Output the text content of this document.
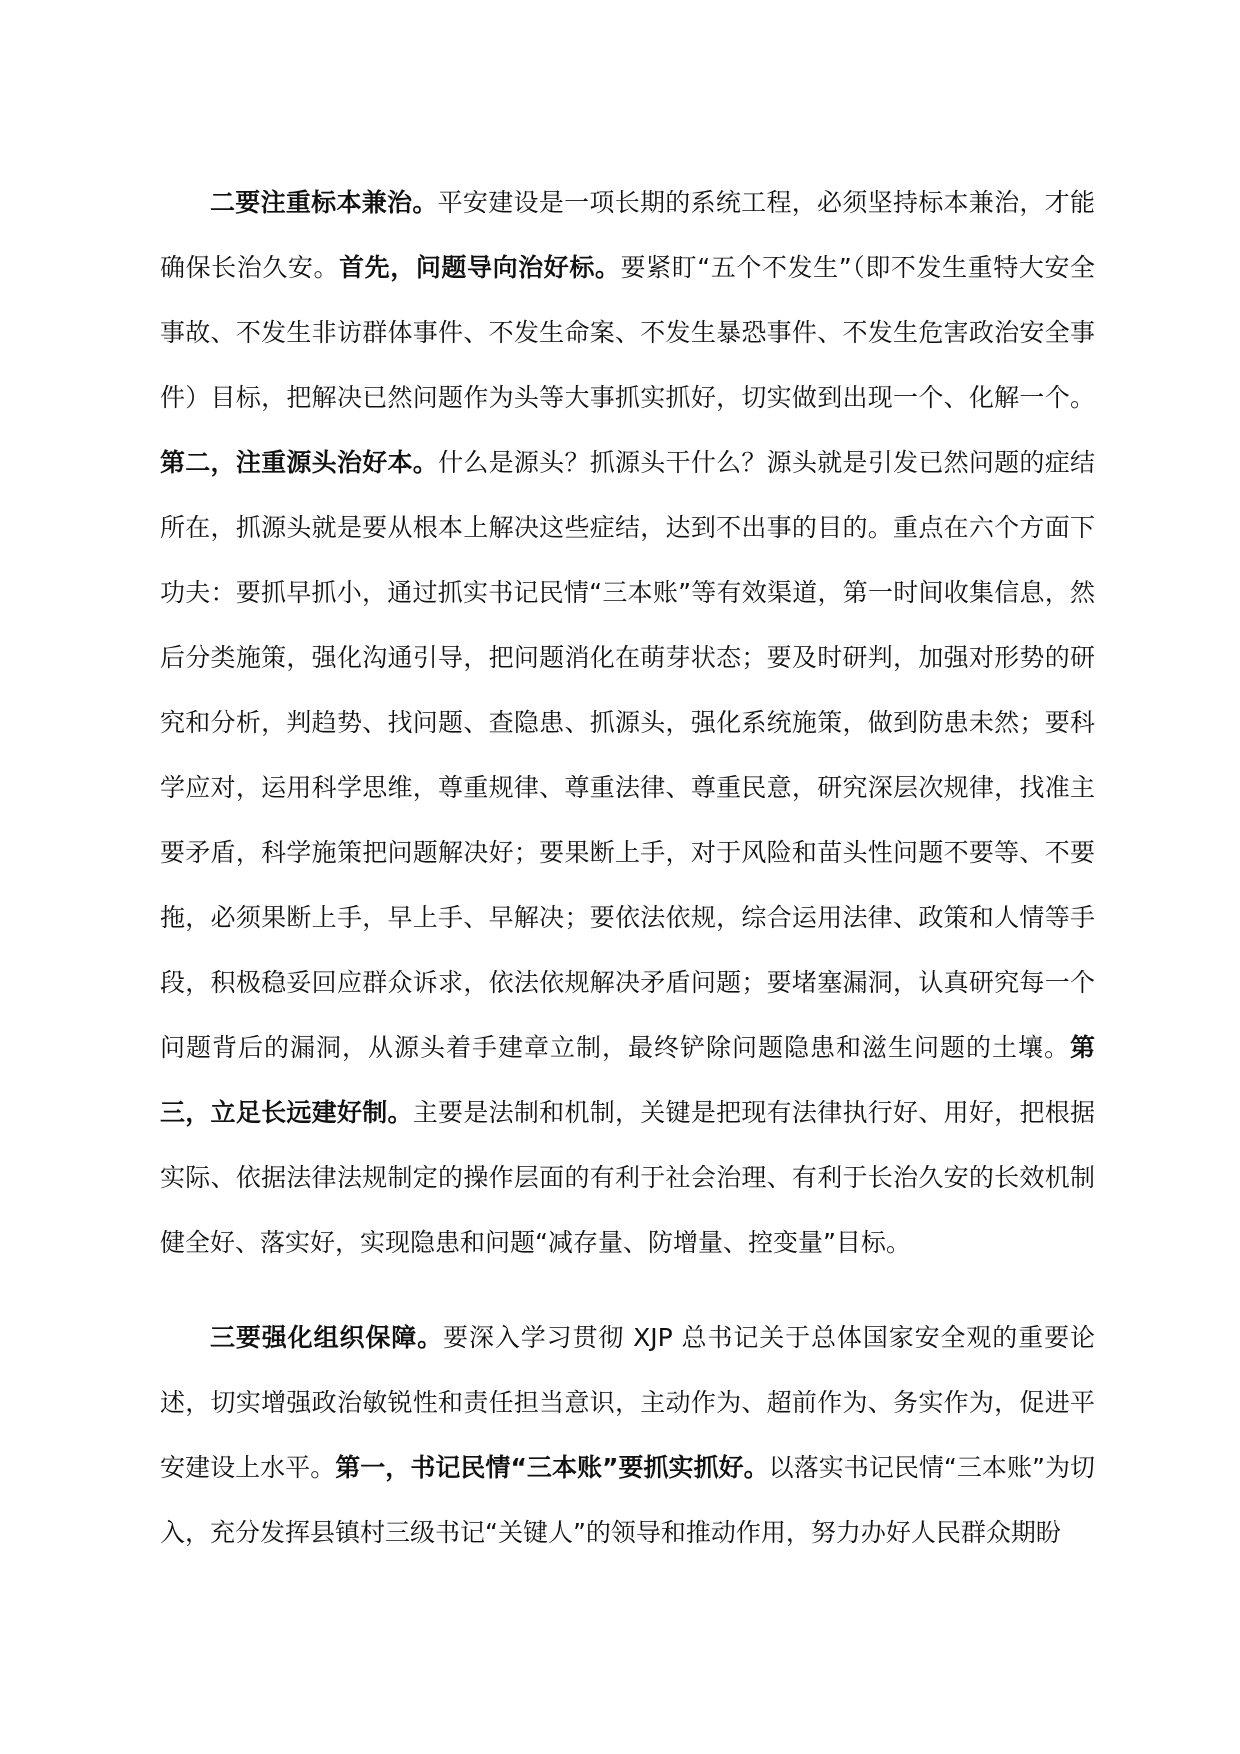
二要注重标本兼治。平安建设是一项长期的系统工程，必须坚持标本兼治，才能确保长治久安。首先，问题导向治好标。要紧盯“五个不发生”（即不发生重特大安全事故、不发生非访群体事件、不发生命案、不发生暴恐事件、不发生危害政治安全事件）目标，把解决已然问题作为头等大事抓实抓好，切实做到出现一个、化解一个。第二，注重源头治好本。什么是源头？抓源头干什么？源头就是引发已然问题的症结所在，抓源头就是要从根本上解决这些症结，达到不出事的目的。重点在六个方面下功夫：要抓早抓小，通过抓实书记民情“三本账”等有效渠道，第一时间收集信息，然后分类施策，强化沟通引导，把问题消化在萌芽状态；要及时研判，加强对形势的研究和分析，判趋势、找问题、查隐患、抓源头，强化系统施策，做到防患未然；要科学应对，运用科学思维，尊重规律、尊重法律、尊重民意，研究深层次规律，找准主要矛盾，科学施策把问题解决好；要果断上手，对于风险和苗头性问题不要等、不要拖，必须果断上手，早上手、早解决；要依法依规，综合运用法律、政策和人情等手段，积极稳妥回应群众诉求，依法依规解决矛盾问题；要堵塞漏洞，认真研究每一个问题背后的漏洞，从源头着手建章立制，最终铲除问题隐患和滋生问题的土壤。第三，立足长远建好制。主要是法制和机制，关键是把现有法律执行好、用好，把根据实际、依据法律法规制定的操作层面的有利于社会治理、有利于长治久安的长效机制健全好、落实好，实现隐患和问题“减存量、防增量、控变量”目标。

三要强化组织保障。要深入学习贯彻 XJP 总书记关于总体国家安全观的重要论述，切实增强政治敏锐性和责任担当意识，主动作为、超前作为、务实作为，促进平安建设上水平。第一，书记民情“三本账”要抓实抓好。以落实书记民情“三本账”为切入，充分发挥县镇村三级书记“关键人”的领导和推动作用，努力办好人民群众期盼
